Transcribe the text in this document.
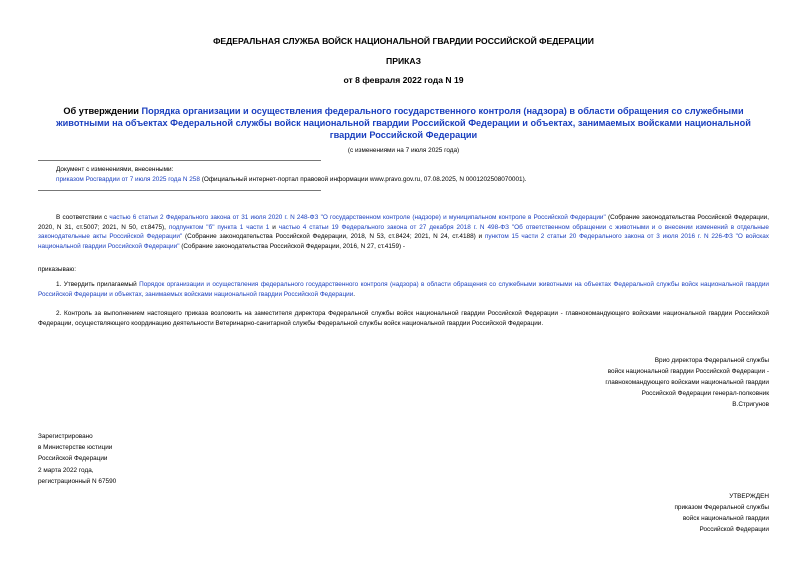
ФЕДЕРАЛЬНАЯ СЛУЖБА ВОЙСК НАЦИОНАЛЬНОЙ ГВАРДИИ РОССИЙСКОЙ ФЕДЕРАЦИИ
ПРИКАЗ
от 8 февраля 2022 года N 19
Об утверждении Порядка организации и осуществления федерального государственного контроля (надзора) в области обращения со служебными животными на объектах Федеральной службы войск национальной гвардии Российской Федерации и объектах, занимаемых войсками национальной гвардии Российской Федерации
(с изменениями на 7 июля 2025 года)
Документ с изменениями, внесенными:
приказом Росгвардии от 7 июля 2025 года N 258 (Официальный интернет-портал правовой информации www.pravo.gov.ru, 07.08.2025, N 0001202508070001).
В соответствии с частью 6 статьи 2 Федерального закона от 31 июля 2020 г. N 248-ФЗ "О государственном контроле (надзоре) и муниципальном контроле в Российской Федерации" (Собрание законодательства Российской Федерации, 2020, N 31, ст.5007; 2021, N 50, ст.8475), подпунктом "б" пункта 1 части 1 и частью 4 статьи 19 Федерального закона от 27 декабря 2018 г. N 498-ФЗ "Об ответственном обращении с животными и о внесении изменений в отдельные законодательные акты Российской Федерации" (Собрание законодательства Российской Федерации, 2018, N 53, ст.8424; 2021, N 24, ст.4188) и пунктом 15 части 2 статьи 20 Федерального закона от 3 июля 2016 г. N 226-ФЗ "О войсках национальной гвардии Российской Федерации" (Собрание законодательства Российской Федерации, 2016, N 27, ст.4159) -
приказываю:
1. Утвердить прилагаемый Порядок организации и осуществления федерального государственного контроля (надзора) в области обращения со служебными животными на объектах Федеральной службы войск национальной гвардии Российской Федерации и объектах, занимаемых войсками национальной гвардии Российской Федерации.
2. Контроль за выполнением настоящего приказа возложить на заместителя директора Федеральной службы войск национальной гвардии Российской Федерации - главнокомандующего войсками национальной гвардии Российской Федерации, осуществляющего координацию деятельности Ветеринарно-санитарной службы Федеральной службы войск национальной гвардии Российской Федерации.
Врио директора Федеральной службы
войск национальной гвардии Российской Федерации -
главнокомандующего войсками национальной гвардии
Российской Федерации генерал-полковник
В.Стригунов
Зарегистрировано
в Министерстве юстиции
Российской Федерации
2 марта 2022 года,
регистрационный N 67590
УТВЕРЖДЕН
приказом Федеральной службы
войск национальной гвардии
Российской Федерации
